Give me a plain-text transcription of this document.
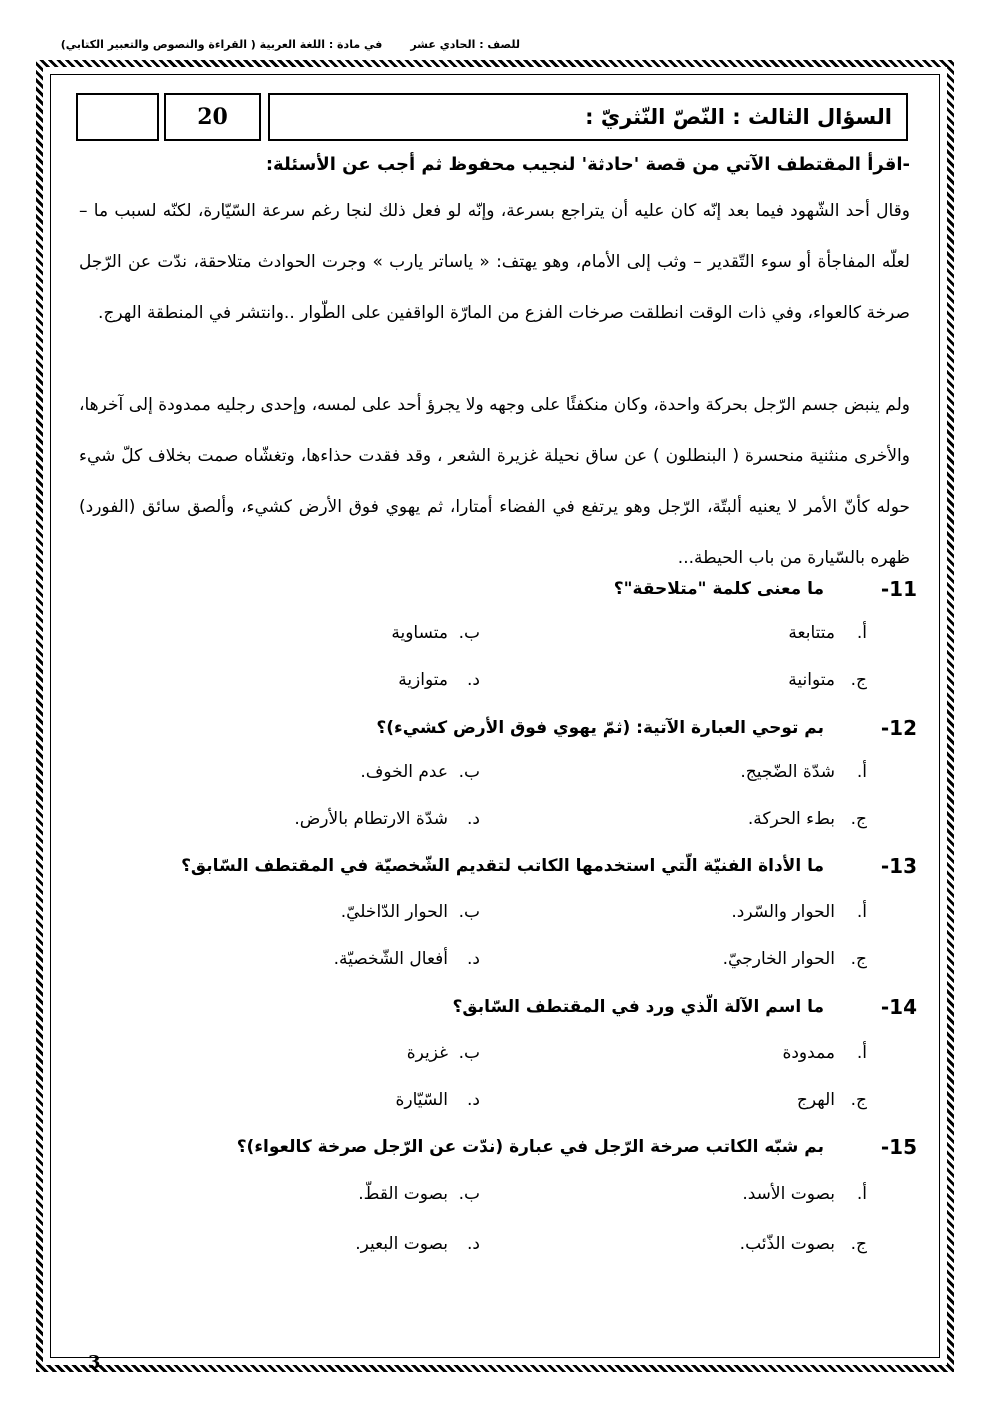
للصف : الحادي عشر
في مادة : اللغة العربية ( القراءة والنصوص والتعبير الكتابي)
السؤال الثالث : النّصّ النّثريّ :
20
-اقرأ المقتطف الآتي من قصة 'حادثة' لنجيب محفوظ ثم أجب عن الأسئلة:

وقال أحد الشّهود فيما بعد إنّه كان عليه أن يتراجع بسرعة، وإنّه لو فعل ذلك لنجا رغم سرعة السّيّارة، لكنّه لسبب ما – لعلّه المفاجأة أو سوء التّقدير – وثب إلى الأمام، وهو يهتف: « ياساتر يارب » وجرت الحوادث متلاحقة، ندّت عن الرّجل صرخة كالعواء، وفي ذات الوقت انطلقت صرخات الفزع من المارّة الواقفين على الطّوار ..وانتشر في المنطقة الهرج.

ولم ينبض جسم الرّجل بحركة واحدة، وكان منكفئًا على وجهه ولا يجرؤ أحد على لمسه، وإحدى رجليه ممدودة إلى آخرها، والأخرى منثنية منحسرة ( البنطلون ) عن ساق نحيلة غزيرة الشعر ، وقد فقدت حذاءها، وتغشّاه صمت بخلاف كلّ شيء حوله كأنّ الأمر لا يعنيه ألبتّة، الرّجل وهو يرتفع في الفضاء أمتارا، ثم يهوي فوق الأرض كشيء، وألصق سائق (الفورد) ظهره بالسّيارة من باب الحيطة...

11-
ما معنى كلمة "متلاحقة"؟
أ.متتابعة
ب.متساوية
ج.متوانية
د.متوازية
12-
بم توحي العبارة الآتية: (ثمّ يهوي فوق الأرض كشيء)؟
أ.شدّة الضّجيج.
ب.عدم الخوف.
ج.بطء الحركة.
د.شدّة الارتطام بالأرض.
13-
ما الأداة الفنيّة الّتي استخدمها الكاتب لتقديم الشّخصيّة في المقتطف السّابق؟
أ.الحوار والسّرد.
ب.الحوار الدّاخليّ.
ج.الحوار الخارجيّ.
د.أفعال الشّخصيّة.
14-
ما اسم الآلة الّذي ورد في المقتطف السّابق؟
أ.ممدودة
ب.غزيرة
ج.الهرج
د.السّيّارة
15-
بم شبّه الكاتب صرخة الرّجل في عبارة (ندّت عن الرّجل صرخة كالعواء)؟
أ.بصوت الأسد.
ب.بصوت القطّ.
ج.بصوت الذّئب.
د.بصوت البعير.
3
